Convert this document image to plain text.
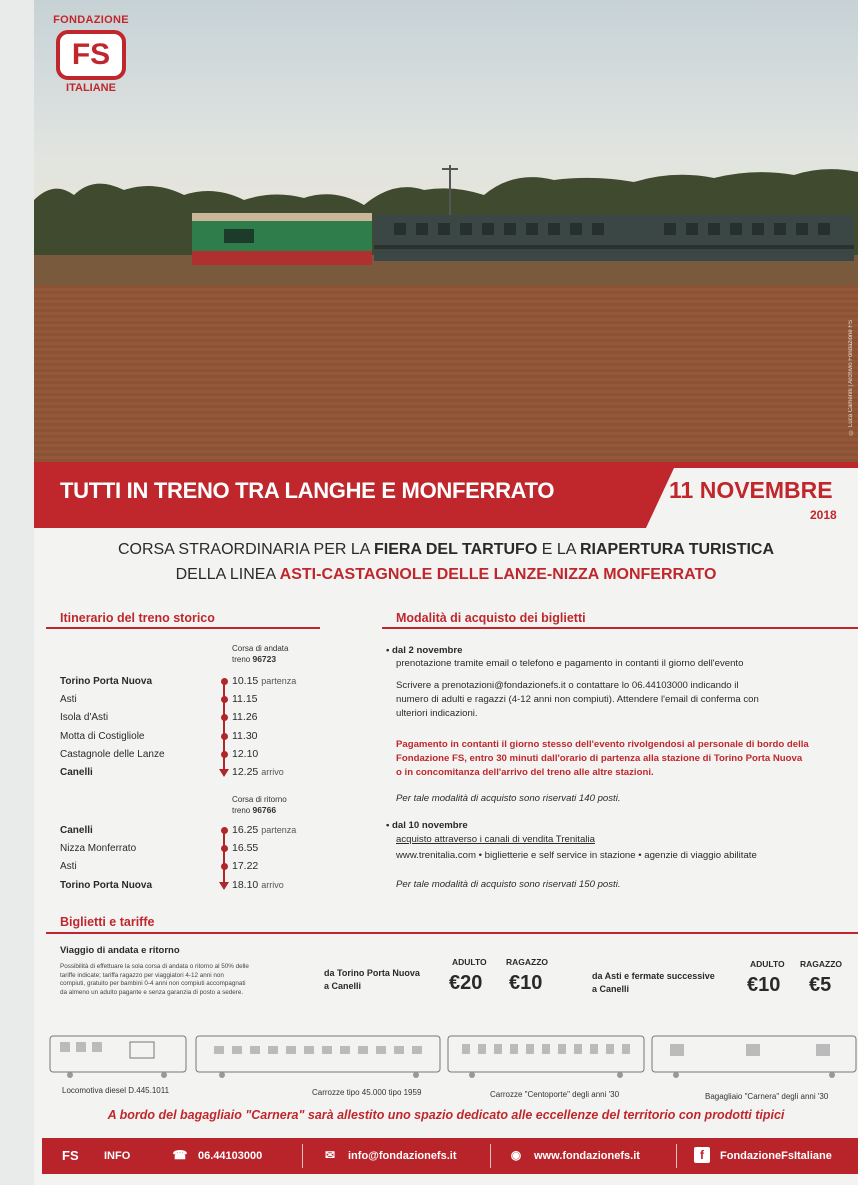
© Luca Camerini | Archivio Fondazione FS
FONDAZIONE
FS
ITALIANE
TUTTI IN TRENO TRA LANGHE E MONFERRATO	11 NOVEMBRE
2018
CORSA STRAORDINARIA PER LA FIERA DEL TARTUFO E LA RIAPERTURA TURISTICA
DELLA LINEA ASTI-CASTAGNOLE DELLE LANZE-NIZZA MONFERRATO
Itinerario del treno storico
Corsa di andata
treno 96723
Torino Porta Nuova	10.15 partenza
Asti	11.15
Isola d'Asti	11.26
Motta di Costigliole	11.30
Castagnole delle Lanze	12.10
Canelli	12.25 arrivo
Corsa di ritorno
treno 96766
Canelli	16.25 partenza
Nizza Monferrato	16.55
Asti	17.22
Torino Porta Nuova	18.10 arrivo
Modalità di acquisto dei biglietti
• dal 2 novembre
prenotazione tramite email o telefono e pagamento in contanti il giorno dell'evento
Scrivere a prenotazioni@fondazionefs.it o contattare lo 06.44103000 indicando il
numero di adulti e ragazzi (4-12 anni non compiuti). Attendere l'email di conferma con
ulteriori indicazioni.
Pagamento in contanti il giorno stesso dell'evento rivolgendosi al personale di bordo della
Fondazione FS, entro 30 minuti dall'orario di partenza alla stazione di Torino Porta Nuova
o in concomitanza dell'arrivo del treno alle altre stazioni.
Per tale modalità di acquisto sono riservati 140 posti.
• dal 10 novembre
acquisto attraverso i canali di vendita Trenitalia
www.trenitalia.com • biglietterie e self service in stazione • agenzie di viaggio abilitate
Per tale modalità di acquisto sono riservati 150 posti.
Biglietti e tariffe
Viaggio di andata e ritorno
Possibilità di effettuare la sola corsa di andata o ritorno al 50% delle
tariffe indicate; tariffa ragazzo per viaggiatori 4-12 anni non
compiuti, gratuito per bambini 0-4 anni non compiuti accompagnati
da almeno un adulto pagante e senza garanzia di posto a sedere.
da Torino Porta Nuova
a Canelli
ADULTO RAGAZZO
€20 €10	da Asti e fermate successive
a Canelli
ADULTO RAGAZZO
€10 €5
Locomotiva diesel D.445.1011	Carrozze tipo 45.000 tipo 1959	Carrozze "Centoporte" degli anni '30	Bagagliaio "Carnera" degli anni '30
A bordo del bagagliaio "Carnera" sarà allestito uno spazio dedicato alle eccellenze del territorio con prodotti tipici
FS INFO	☎ 06.44103000	✉ info@fondazionefs.it	◉ www.fondazionefs.it	f	FondazioneFsItaliane
